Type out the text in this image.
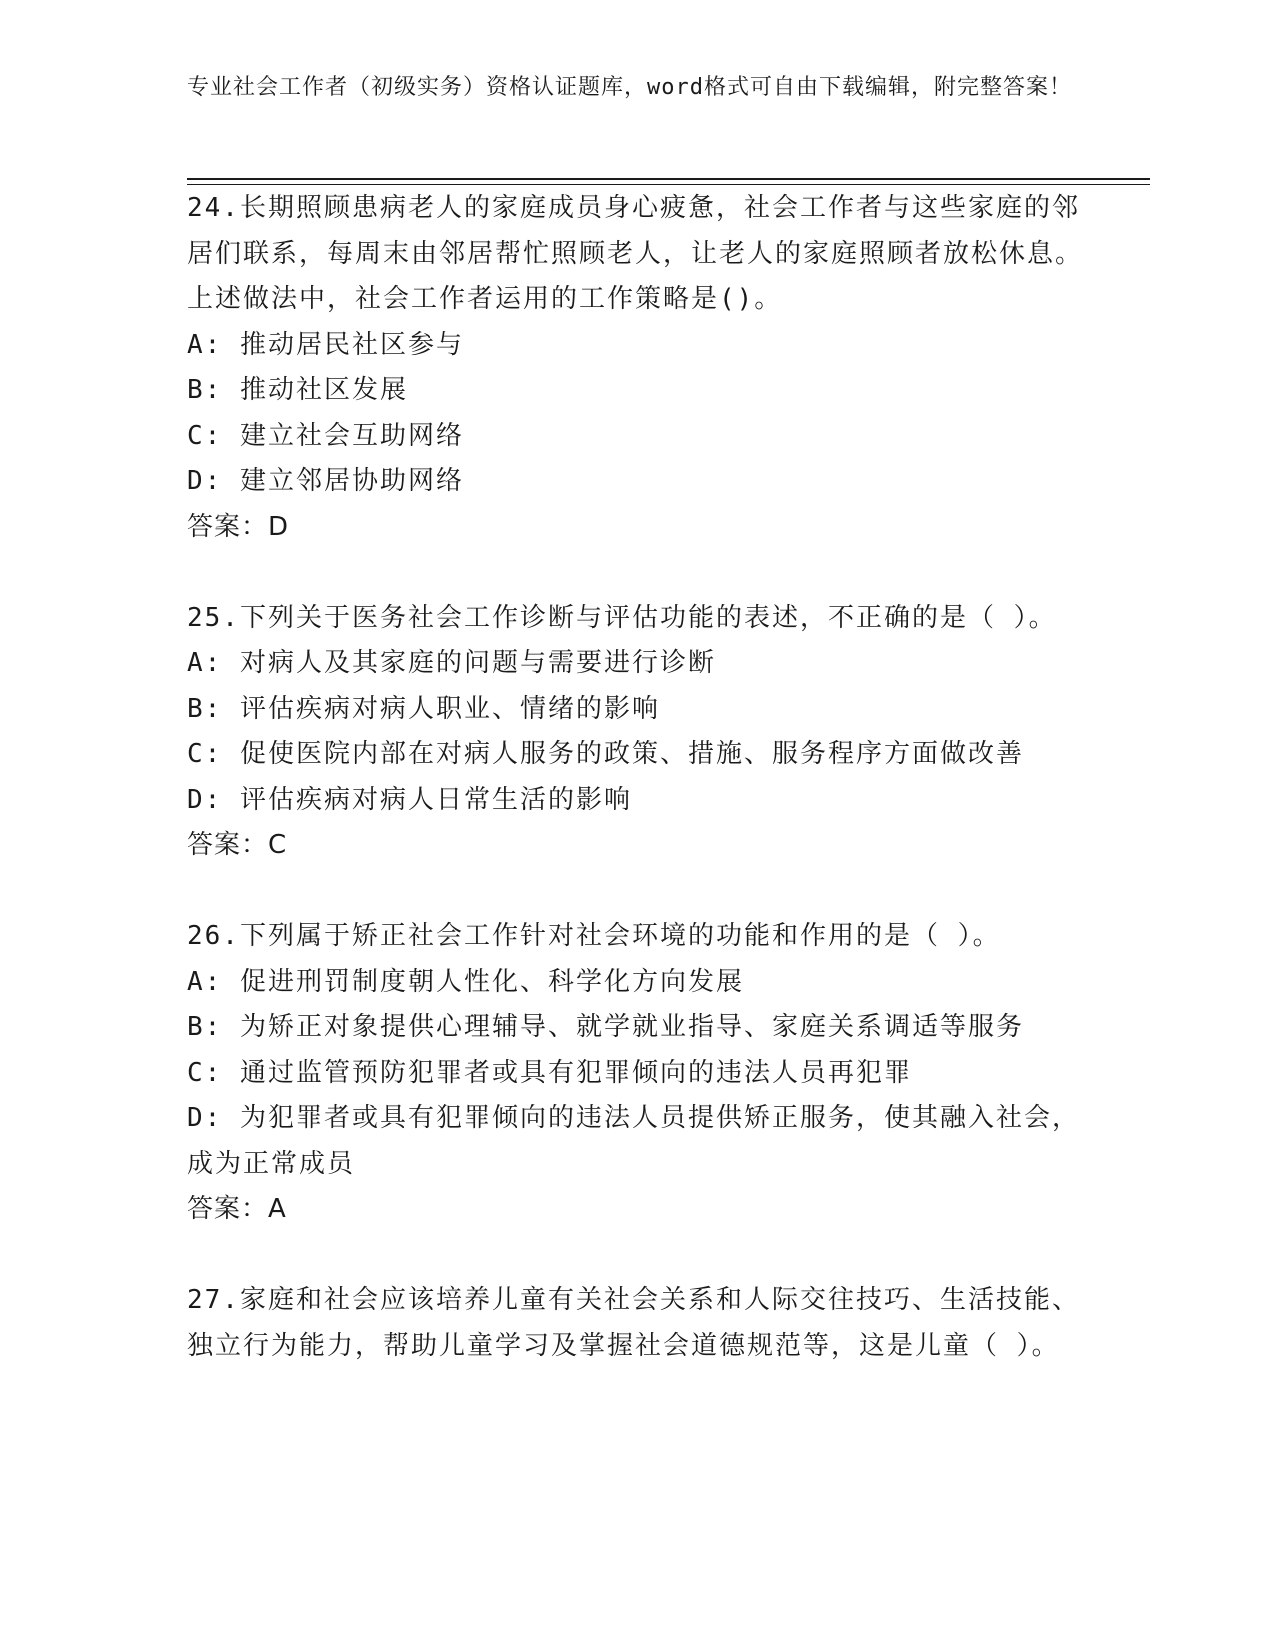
专业社会工作者（初级实务）资格认证题库，word格式可自由下载编辑，附完整答案！
24.长期照顾患病老人的家庭成员身心疲惫，社会工作者与这些家庭的邻居们联系，每周末由邻居帮忙照顾老人，让老人的家庭照顾者放松休息。上述做法中，社会工作者运用的工作策略是()。
A: 推动居民社区参与
B: 推动社区发展
C: 建立社会互助网络
D: 建立邻居协助网络
答案：D
25.下列关于医务社会工作诊断与评估功能的表述，不正确的是（ ）。
A: 对病人及其家庭的问题与需要进行诊断
B: 评估疾病对病人职业、情绪的影响
C: 促使医院内部在对病人服务的政策、措施、服务程序方面做改善
D: 评估疾病对病人日常生活的影响
答案：C
26.下列属于矫正社会工作针对社会环境的功能和作用的是（ ）。
A: 促进刑罚制度朝人性化、科学化方向发展
B: 为矫正对象提供心理辅导、就学就业指导、家庭关系调适等服务
C: 通过监管预防犯罪者或具有犯罪倾向的违法人员再犯罪
D: 为犯罪者或具有犯罪倾向的违法人员提供矫正服务，使其融入社会，成为正常成员
答案：A
27.家庭和社会应该培养儿童有关社会关系和人际交往技巧、生活技能、独立行为能力，帮助儿童学习及掌握社会道德规范等，这是儿童（ ）。
